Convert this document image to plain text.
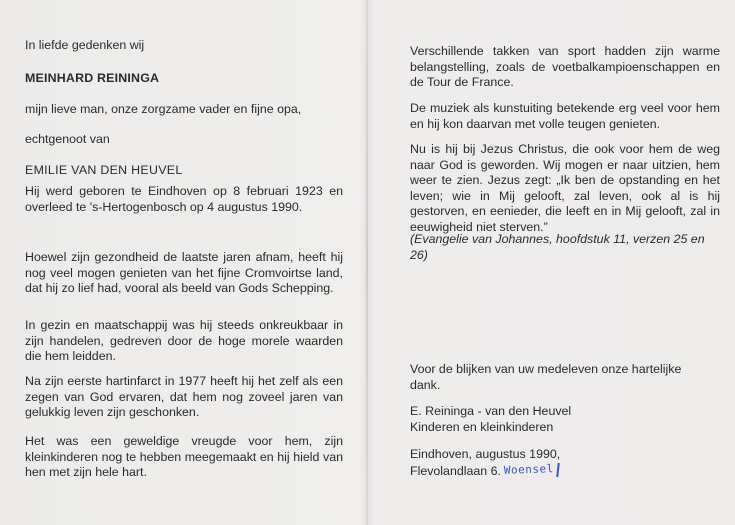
In liefde gedenken wij

MEINHARD REININGA

mijn lieve man, onze zorgzame vader en fijne opa,

echtgenoot van

EMILIE VAN DEN HEUVEL

Hij werd geboren te Eindhoven op 8 februari 1923 en overleed te 's-Hertogenbosch op 4 augustus 1990.

Hoewel zijn gezondheid de laatste jaren afnam, heeft hij nog veel mogen genieten van het fijne Cromvoirtse land, dat hij zo lief had, vooral als beeld van Gods Schepping.

In gezin en maatschappij was hij steeds onkreukbaar in zijn handelen, gedreven door de hoge morele waarden die hem leidden.

Na zijn eerste hartinfarct in 1977 heeft hij het zelf als een zegen van God ervaren, dat hem nog zoveel jaren van gelukkig leven zijn geschonken.

Het was een geweldige vreugde voor hem, zijn kleinkinderen nog te hebben meegemaakt en hij hield van hen met zijn hele hart.

Verschillende takken van sport hadden zijn warme belangstelling, zoals de voetbalkampioenschappen en de Tour de France.

De muziek als kunstuiting betekende erg veel voor hem en hij kon daarvan met volle teugen genieten.

Nu is hij bij Jezus Christus, die ook voor hem de weg naar God is geworden. Wij mogen er naar uitzien, hem weer te zien. Jezus zegt: „Ik ben de opstanding en het leven; wie in Mij gelooft, zal leven, ook al is hij gestorven, en eenieder, die leeft en in Mij gelooft, zal in eeuwigheid niet sterven.”

(Evangelie van Johannes, hoofdstuk 11, verzen 25 en 26)

Voor de blijken van uw medeleven onze hartelijke dank.

E. Reininga - van den Heuvel

Kinderen en kleinkinderen

Eindhoven, augustus 1990,

Flevolandlaan 6. Woensel
